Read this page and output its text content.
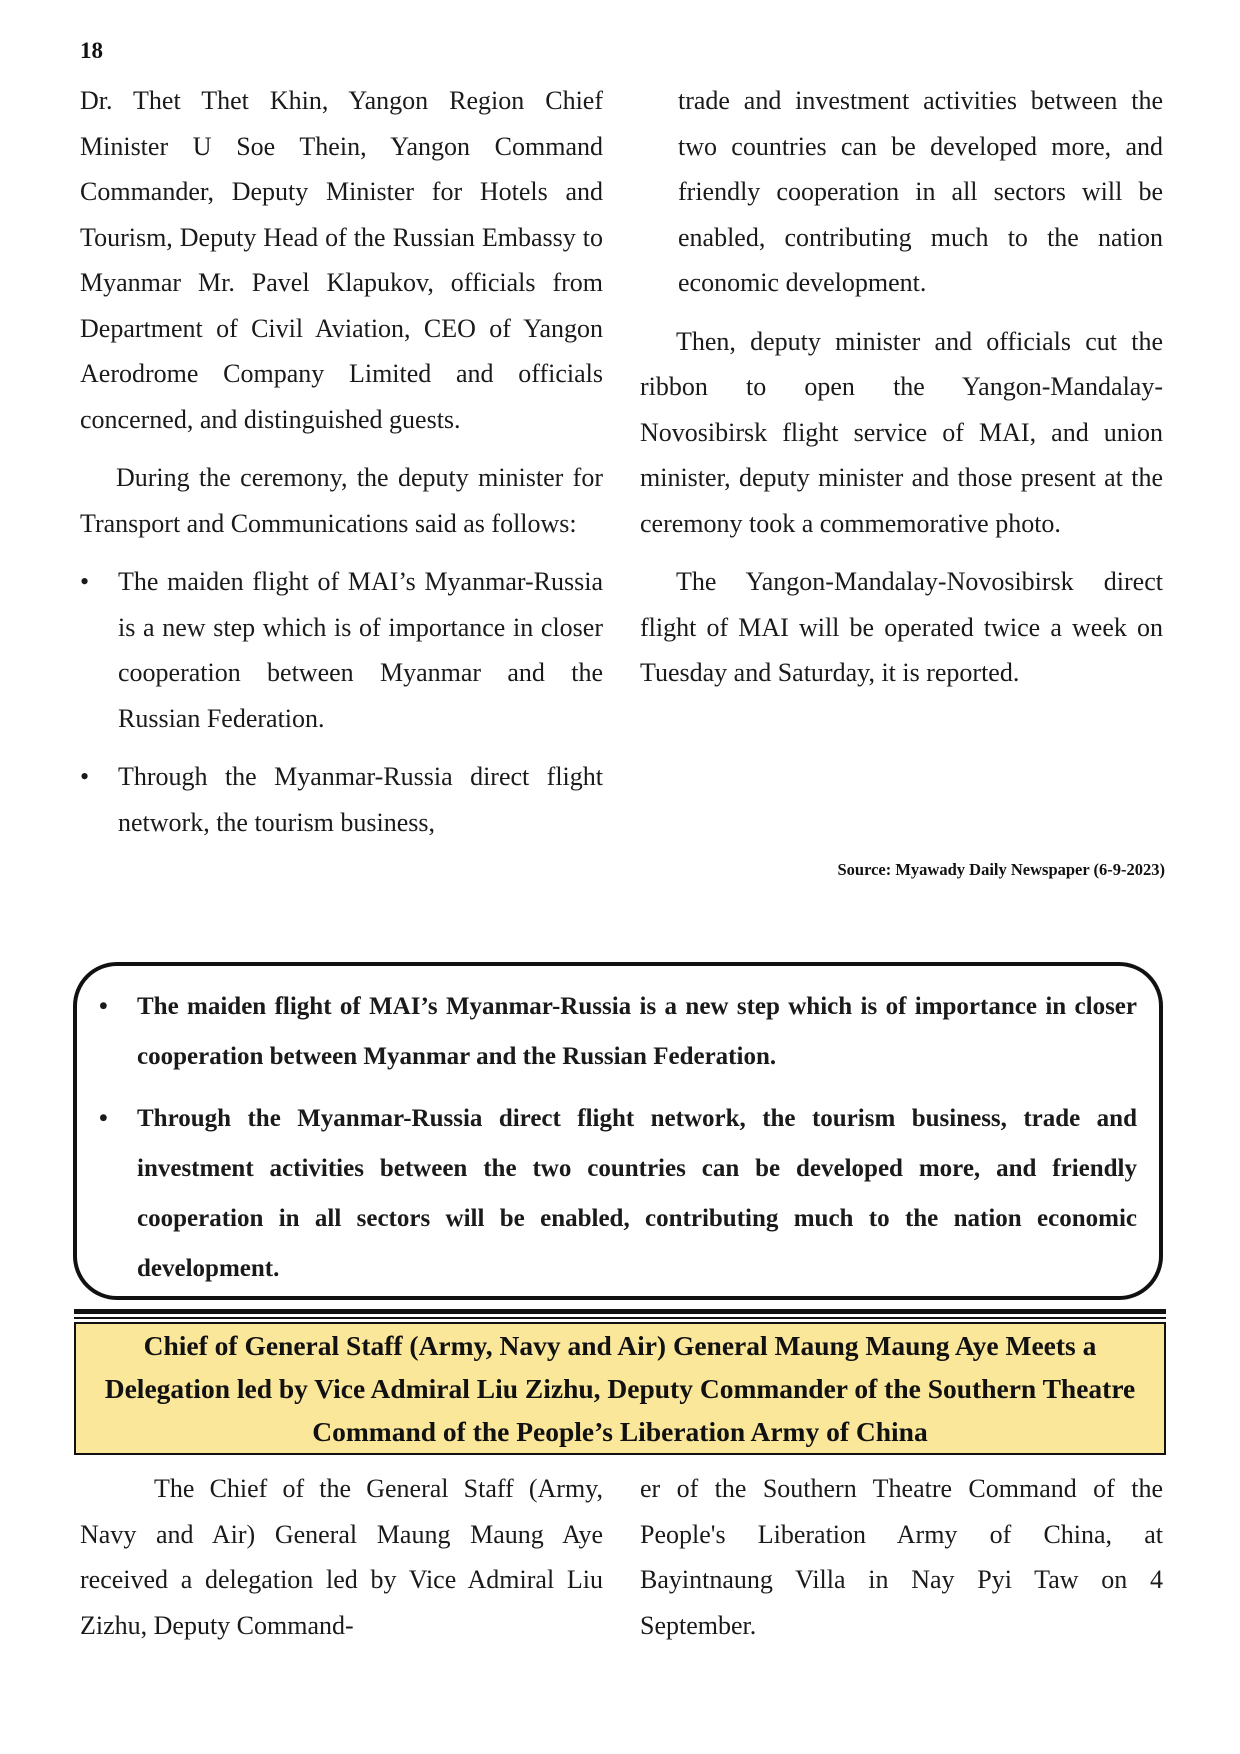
18

Dr. Thet Thet Khin, Yangon Region Chief Minister U Soe Thein, Yangon Command Commander, Deputy Minister for Hotels and Tourism, Deputy Head of the Russian Embassy to Myanmar Mr. Pavel Klapukov, officials from Department of Civil Aviation, CEO of Yangon Aerodrome Company Limited and officials concerned, and distinguished guests.

During the ceremony, the deputy minister for Transport and Communications said as follows:

• The maiden flight of MAI’s Myanmar-Russia is a new step which is of importance in closer cooperation between Myanmar and the Russian Federation.
• Through the Myanmar-Russia direct flight network, the tourism business,

trade and investment activities between the two countries can be developed more, and friendly cooperation in all sectors will be enabled, contributing much to the nation economic development.

Then, deputy minister and officials cut the ribbon to open the Yangon-Mandalay-Novosibirsk flight service of MAI, and union minister, deputy minister and those present at the ceremony took a commemorative photo.

The Yangon-Mandalay-Novosibirsk direct flight of MAI will be operated twice a week on Tuesday and Saturday, it is reported.

Source: Myawady Daily Newspaper (6-9-2023)
• The maiden flight of MAI’s Myanmar-Russia is a new step which is of importance in closer cooperation between Myanmar and the Russian Federation.
• Through the Myanmar-Russia direct flight network, the tourism business, trade and investment activities between the two countries can be developed more, and friendly cooperation in all sectors will be enabled, contributing much to the nation economic development.
Chief of General Staff (Army, Navy and Air) General Maung Maung Aye Meets a Delegation led by Vice Admiral Liu Zizhu, Deputy Commander of the Southern Theatre Command of the People’s Liberation Army of China

The Chief of the General Staff (Army, Navy and Air) General Maung Maung Aye received a delegation led by Vice Admiral Liu Zizhu, Deputy Command-

er of the Southern Theatre Command of the People's Liberation Army of China, at Bayintnaung Villa in Nay Pyi Taw on 4 September.
